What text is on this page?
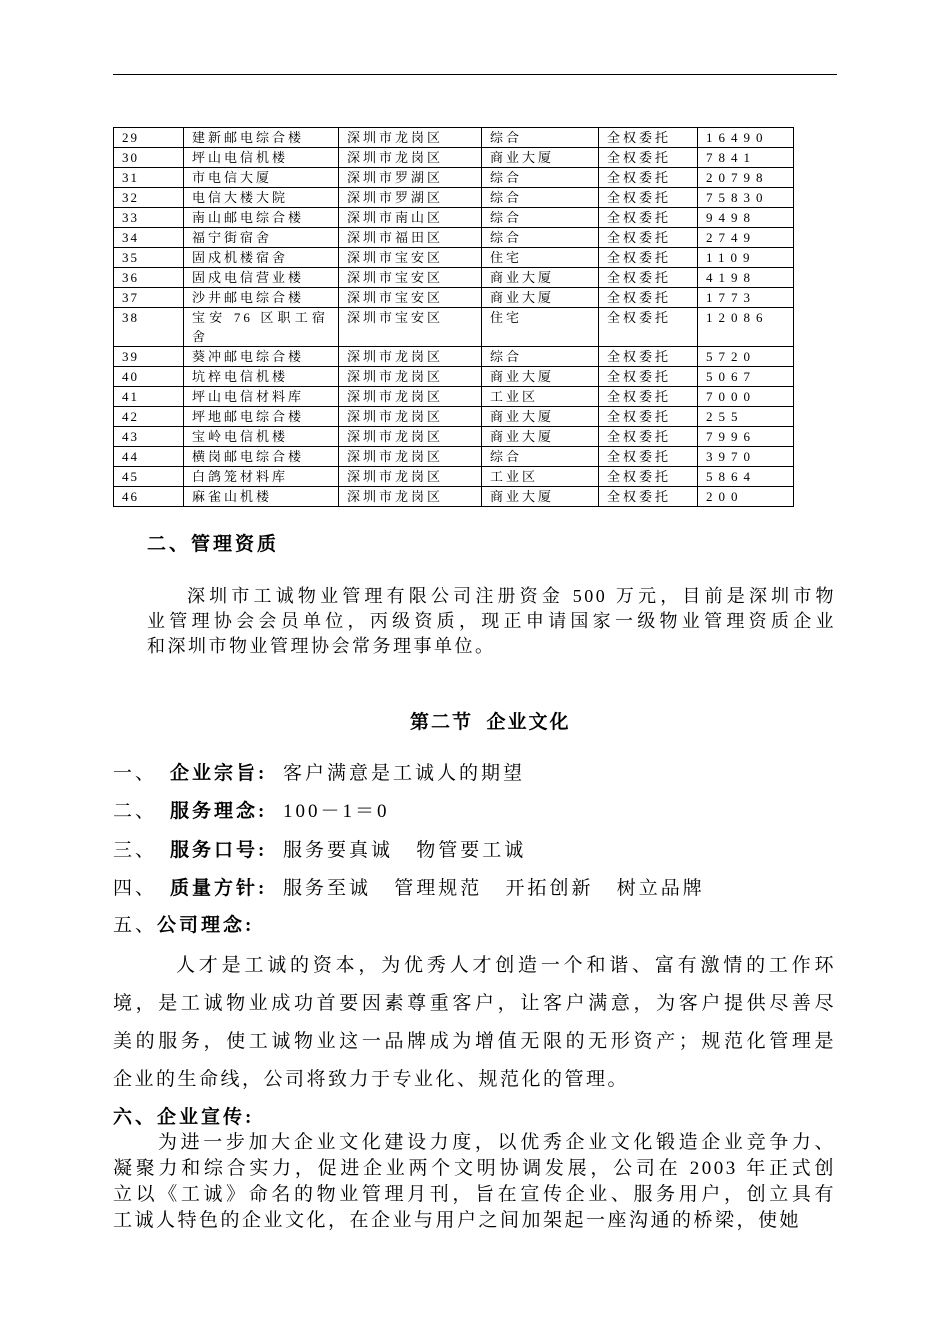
29	建新邮电综合楼	深圳市龙岗区	综合	全权委托	16490
30	坪山电信机楼	深圳市龙岗区	商业大厦	全权委托	7841
31	市电信大厦	深圳市罗湖区	综合	全权委托	20798
32	电信大楼大院	深圳市罗湖区	综合	全权委托	75830
33	南山邮电综合楼	深圳市南山区	综合	全权委托	9498
34	福宁街宿舍	深圳市福田区	综合	全权委托	2749
35	固戍机楼宿舍	深圳市宝安区	住宅	全权委托	1109
36	固戍电信营业楼	深圳市宝安区	商业大厦	全权委托	4198
37	沙井邮电综合楼	深圳市宝安区	商业大厦	全权委托	1773
38	宝安 76 区职工宿
舍	深圳市宝安区	住宅	全权委托	12086
39	葵冲邮电综合楼	深圳市龙岗区	综合	全权委托	5720
40	坑梓电信机楼	深圳市龙岗区	商业大厦	全权委托	5067
41	坪山电信材料库	深圳市龙岗区	工业区	全权委托	7000
42	坪地邮电综合楼	深圳市龙岗区	商业大厦	全权委托	255
43	宝岭电信机楼	深圳市龙岗区	商业大厦	全权委托	7996
44	横岗邮电综合楼	深圳市龙岗区	综合	全权委托	3970
45	白鸽笼材料库	深圳市龙岗区	工业区	全权委托	5864
46	麻雀山机楼	深圳市龙岗区	商业大厦	全权委托	200
二、管理资质
深圳市工诚物业管理有限公司注册资金 500 万元，目前是深圳市物
业管理协会会员单位，丙级资质，现正申请国家一级物业管理资质企业
和深圳市物业管理协会常务理事单位。
第二节  企业文化
一、 企业宗旨: 客户满意是工诚人的期望
二、 服务理念: 100－1＝0
三、 服务口号: 服务要真诚   物管要工诚
四、 质量方针: 服务至诚   管理规范   开拓创新   树立品牌
五、 公司理念:
人才是工诚的资本，为优秀人才创造一个和谐、富有激情的工作环
境，是工诚物业成功首要因素尊重客户，让客户满意，为客户提供尽善尽
美的服务，使工诚物业这一品牌成为增值无限的无形资产；规范化管理是
企业的生命线，公司将致力于专业化、规范化的管理。
六、企业宣传:
为进一步加大企业文化建设力度，以优秀企业文化锻造企业竞争力、
凝聚力和综合实力，促进企业两个文明协调发展，公司在 2003 年正式创
立以《工诚》命名的物业管理月刊，旨在宣传企业、服务用户，创立具有
工诚人特色的企业文化，在企业与用户之间加架起一座沟通的桥梁，使她
